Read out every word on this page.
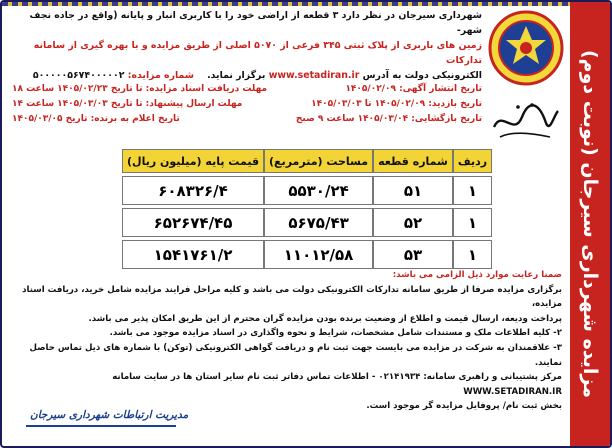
مزایده شهرداری سیرجان (نوبت دوم)

شهرداری سیرجان در نظر دارد ۳ قطعه از اراضی خود را با کاربری انبار و پایانه (واقع در جاده نجف شهر-

زمین های باربری از پلاک ثبتی ۳۴۵ فرعی از ۵۰۷۰ اصلی از طریق مزایده و با بهره گیری از سامانه تدارکات

الکترونیکی دولت به آدرس www.setadiran.ir برگزار نماید.    شماره مزایده: ۵۰۰۰۰۰۵۶۷۴۰۰۰۰۰۲

تاریخ انتشار آگهی: ۱۴۰۵/۰۲/۰۹
مهلت دریافت اسناد مزایده: تا تاریخ ۱۴۰۵/۰۲/۲۳ ساعت ۱۸
تاریخ بازدید: ۱۴۰۵/۰۲/۰۹ تا ۱۴۰۵/۰۳/۰۳
مهلت ارسال پیشنهاد: تا تاریخ ۱۴۰۵/۰۳/۰۳ ساعت ۱۴
تاریخ بازگشایی: ۱۴۰۵/۰۳/۰۴ ساعت ۹ صبح
تاریخ اعلام به برنده: تاریخ ۱۴۰۵/۰۳/۰۵
ردیف	شماره قطعه	مساحت (مترمربع)	قیمت پایه (میلیون ریال)
۱	۵۱	۵۵۳۰/۲۴	۶۰۸۳۲۶/۴
۱	۵۲	۵۶۷۵/۴۳	۶۵۲۶۷۴/۴۵
۱	۵۳	۱۱۰۱۲/۵۸	۱۵۴۱۷۶۱/۲

ضمنا رعایت موارد ذیل الزامی می باشد:

برگزاری مزایده صرفا از طریق سامانه تدارکات الکترونیکی دولت می باشد و کلیه مراحل فرایند مزایده شامل خرید، دریافت اسناد مزایده،

پرداخت ودیعه، ارسال قیمت و اطلاع از وضعیت برنده بودن مزایده گران محترم از این طریق امکان پذیر می باشد.

۲- کلیه اطلاعات ملک و مستندات شامل مشخصات، شرایط و نحوه واگذاری در اسناد مزایده موجود می باشد.

۳- علاقمندان به شرکت در مزایده می بایست جهت ثبت نام و دریافت گواهی الکترونیکی (توکن) با شماره های ذیل تماس حاصل نمایند.

مرکز پشتیبانی و راهبری سامانه: ۰۲۱۴۱۹۳۴ - اطلاعات تماس دفاتر ثبت نام سایر استان ها در سایت سامانه WWW.SETADIRAN.IR

بخش ثبت نام/ پروفایل مزایده گر موجود است.

مدیریت ارتباطات شهرداری سیرجان
